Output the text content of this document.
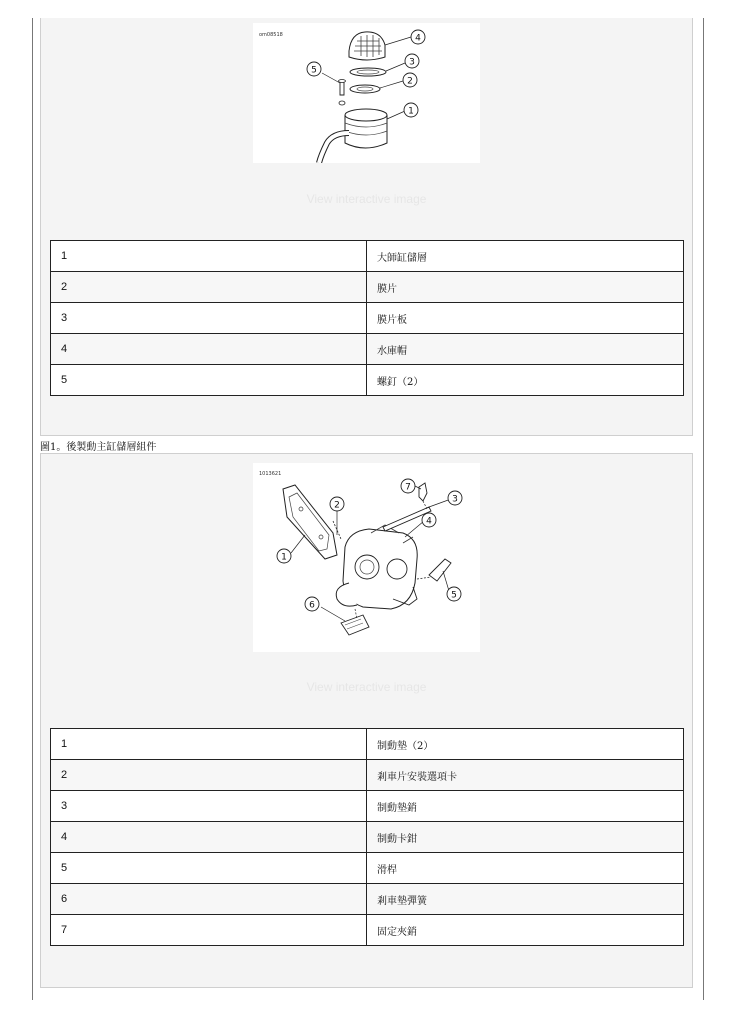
om08518	4
3
2
1
5
View interactive image
1	大師缸儲層
2	膜片
3	膜片板
4	水庫帽
5	螺釘（2）
圖1。後製動主缸儲層組件
1013621
1
2
3
4
5
6
7
View interactive image
1	制動墊（2）
2	剎車片安裝選項卡
3	制動墊銷
4	制動卡鉗
5	滑桿
6	剎車墊彈簧
7	固定夾銷
